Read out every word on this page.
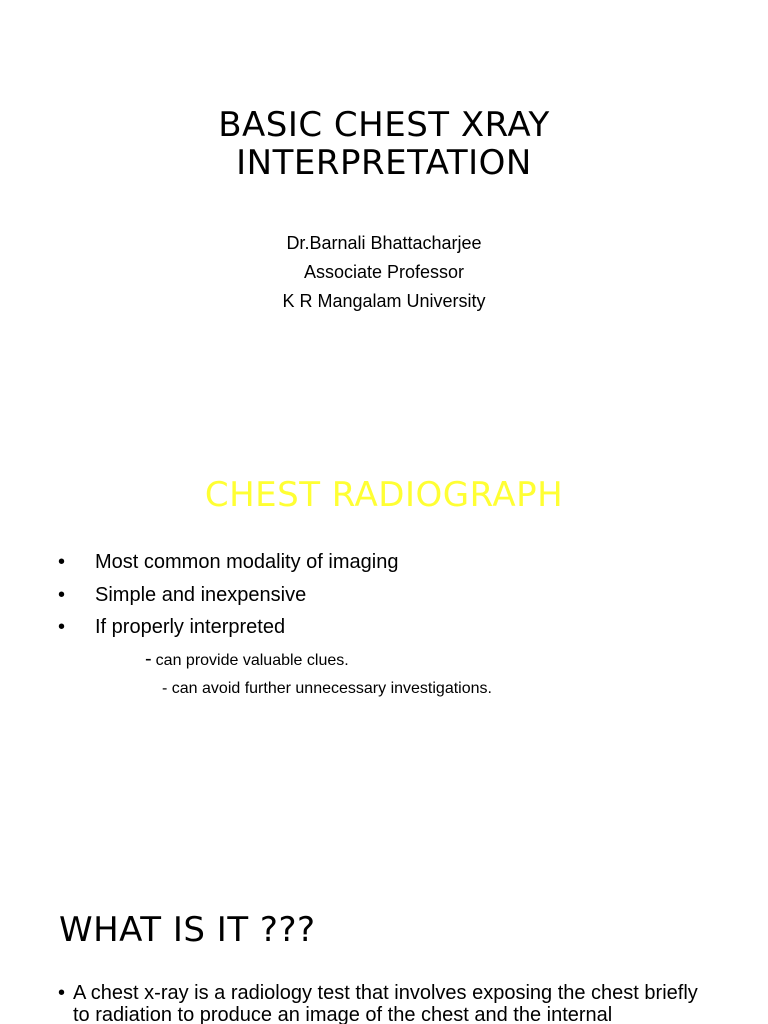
BASIC CHEST XRAY
INTERPRETATION
Dr.Barnali Bhattacharjee
Associate Professor
K R Mangalam University
CHEST RADIOGRAPH
• Most common modality of imaging
• Simple and inexpensive
• If properly interpreted
- can provide valuable clues.
- can avoid further unnecessary investigations.
WHAT IS IT ???
• A chest x-ray is a radiology test that involves exposing the chest briefly to radiation to produce an image of the chest and the internal
